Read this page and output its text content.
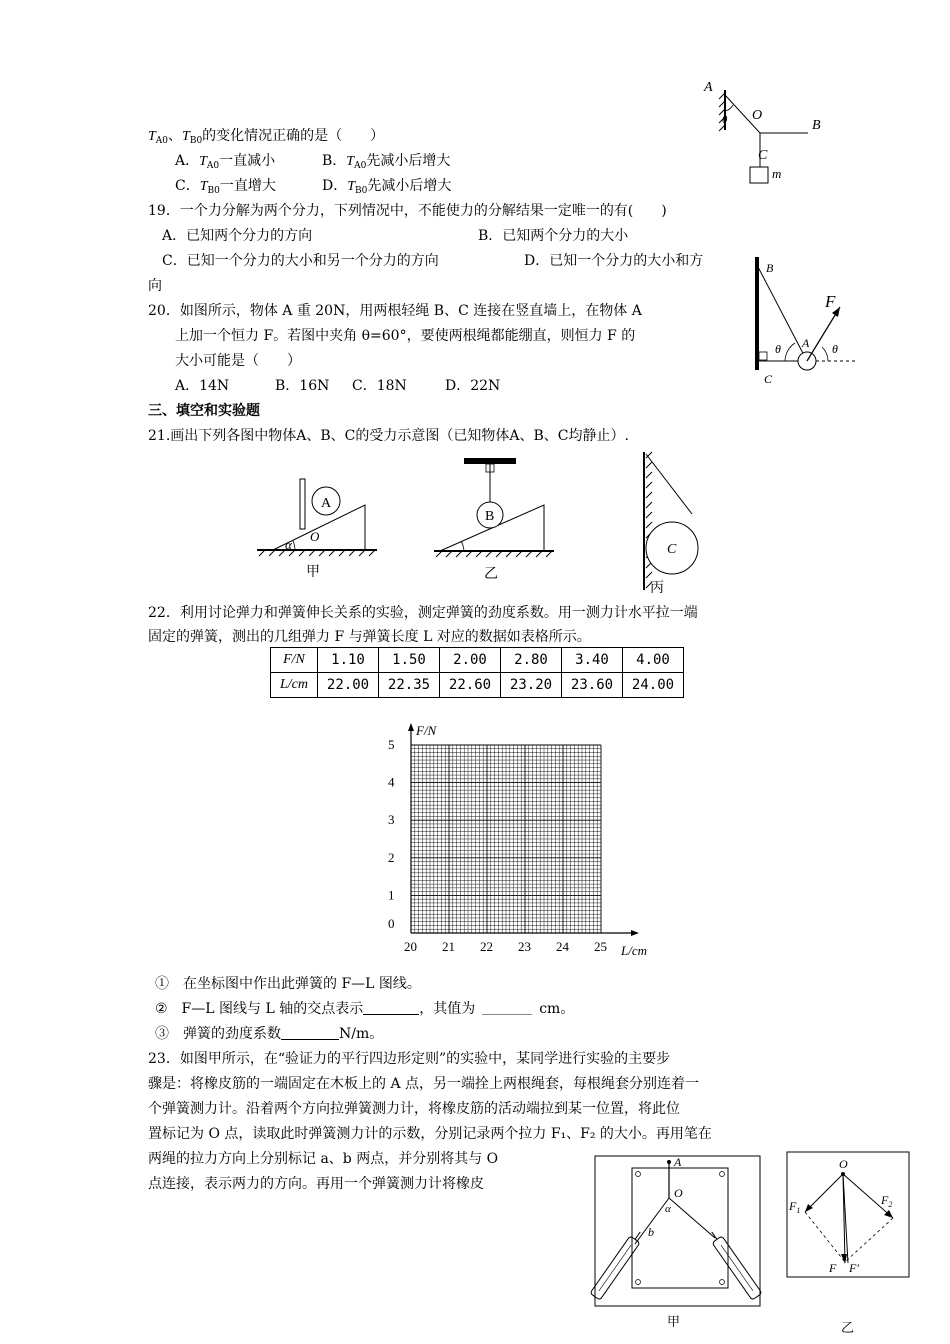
$T_{A0}$、$T_{B0}$的变化情况正确的是（　　）
A．$T_{A0}$一直减小	B．$T_{A0}$先减小后增大
C．$T_{B0}$一直增大	D．$T_{B0}$先减小后增大
A
O
B
C
m
θ
19．一个力分解为两个分力，下列情况中，不能使力的分解结果一定唯一的有(　　)
A．已知两个分力的方向	B．已知两个分力的大小
C．已知一个分力的大小和另一个分力的方向	D．已知一个分力的大小和方
向
20．如图所示，物体 A 重 20N，用两根轻绳 B、C 连接在竖直墙上，在物体 A
上加一个恒力 F。若图中夹角 θ=60°，要使两根绳都能绷直，则恒力 F 的
大小可能是（　　）
A．14N	B．16N C．18N	D．22N
B
F
A
C
θ	θ
三、填空和实验题
21.画出下列各图中物体A、B、C的受力示意图（已知物体A、B、C均静止）.
A
α
O
甲
B
乙
C
丙
22．利用讨论弹力和弹簧伸长关系的实验，测定弹簧的劲度系数。用一测力计水平拉一端
固定的弹簧，测出的几组弹力 F 与弹簧长度 L 对应的数据如表格所示。
F/N	1.10	1.50	2.00	2.80	3.40	4.00
L/cm	22.00	22.35	22.60	23.20	23.60	24.00
20 21 22 23 24 25
0
1
2
3
4
5
L/cm
F/N
①　在坐标图中作出此弹簧的 F—L 图线。
②　F—L 图线与 L 轴的交点表示	，其值为  	cm。
③　弹簧的劲度系数	N/m。
23．如图甲所示，在“验证力的平行四边形定则”的实验中，某同学进行实验的主要步
骤是：将橡皮筋的一端固定在木板上的 A 点，另一端拴上两根绳套，每根绳套分别连着一
个弹簧测力计。沿着两个方向拉弹簧测力计，将橡皮筋的活动端拉到某一位置，将此位
置标记为 O 点，读取此时弹簧测力计的示数，分别记录两个拉力 F₁、F₂ 的大小。再用笔在
两绳的拉力方向上分别标记 a、b 两点，并分别将其与 O
点连接，表示两力的方向。再用一个弹簧测力计将橡皮
A
O
α
b
甲
O
$F_1$
$F_2$
F F′
乙
